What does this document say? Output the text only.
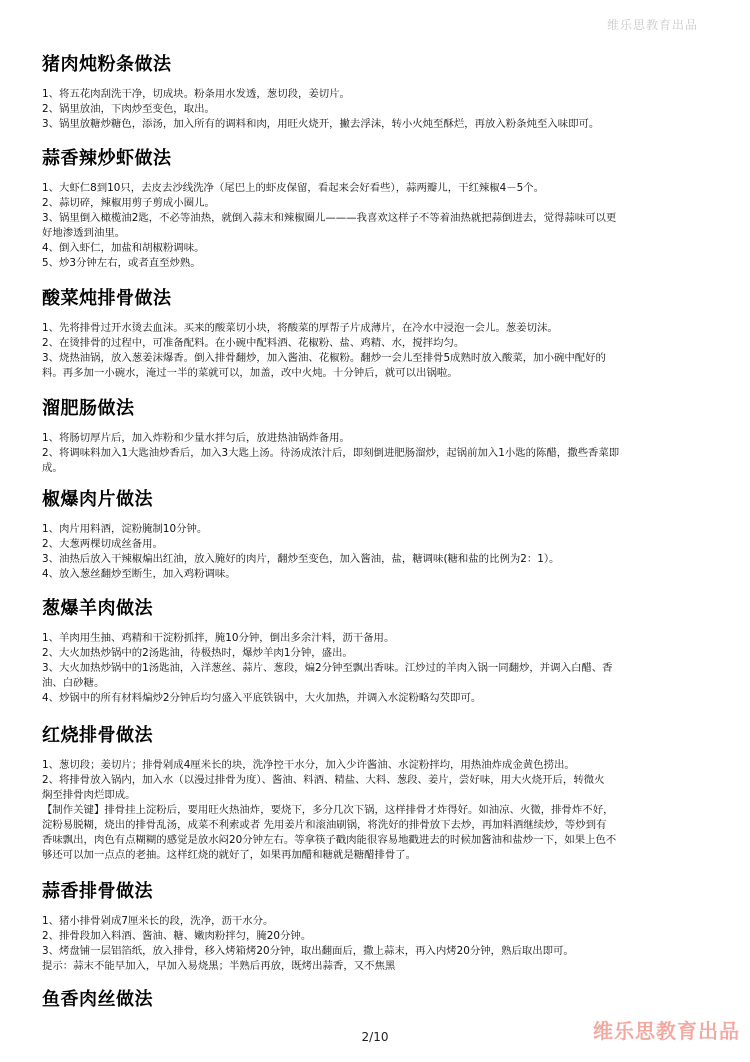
维乐思教育出品
猪肉炖粉条做法
1、将五花肉刮洗干净，切成块。粉条用水发透，葱切段，姜切片。
2、锅里放油，下肉炒至变色，取出。
3、锅里放糖炒糖色，添汤，加入所有的调料和肉，用旺火烧开，撇去浮沫，转小火炖至酥烂，再放入粉条炖至入味即可。
蒜香辣炒虾做法
1、大虾仁8到10只，去皮去沙线洗净（尾巴上的虾皮保留，看起来会好看些），蒜两瓣儿，干红辣椒4－5个。
2、蒜切碎，辣椒用剪子剪成小圈儿。
3、锅里倒入橄榄油2匙，不必等油热，就倒入蒜末和辣椒圈儿———我喜欢这样子不等着油热就把蒜倒进去，觉得蒜味可以更
好地渗透到油里。
4、倒入虾仁，加盐和胡椒粉调味。
5、炒3分钟左右，或者直至炒熟。
酸菜炖排骨做法
1、先将排骨过开水烫去血沫。买来的酸菜切小块，将酸菜的厚帮子片成薄片，在冷水中浸泡一会儿。葱姜切沫。
2、在烫排骨的过程中，可准备配料。在小碗中配料酒、花椒粉、盐、鸡精、水，搅拌均匀。
3、烧热油锅，放入葱姜沫爆香。倒入排骨翻炒，加入酱油、花椒粉。翻炒一会儿至排骨5成熟时放入酸菜，加小碗中配好的
料。再多加一小碗水，淹过一半的菜就可以，加盖，改中火炖。十分钟后，就可以出锅啦。
溜肥肠做法
1、将肠切厚片后，加入炸粉和少量水拌匀后，放进热油锅炸备用。
2、将调味料加入1大匙油炒香后，加入3大匙上汤。待汤成浓汁后，即刻倒进肥肠溜炒，起锅前加入1小匙的陈醋，撒些香菜即
成。
椒爆肉片做法
1、肉片用料酒，淀粉腌制10分钟。
2、大葱两棵切成丝备用。
3、油热后放入干辣椒煸出红油，放入腌好的肉片，翻炒至变色，加入酱油，盐，糖调味(糖和盐的比例为2：1）。
4、放入葱丝翻炒至断生，加入鸡粉调味。
葱爆羊肉做法
1、羊肉用生抽、鸡精和干淀粉抓拌，腌10分钟，倒出多余汁料，沥干备用。
2、大火加热炒锅中的2汤匙油，待极热时，爆炒羊肉1分钟，盛出。
3、大火加热炒锅中的1汤匙油，入洋葱丝、蒜片、葱段，煸2分钟至飘出香味。江炒过的羊肉入锅一同翻炒，并调入白醋、香
油、白砂糖。
4、炒锅中的所有材料煸炒2分钟后均匀盛入平底铁锅中，大火加热，并调入水淀粉略勾芡即可。
红烧排骨做法
1、葱切段；姜切片；排骨剁成4厘米长的块，洗净控干水分，加入少许酱油、水淀粉拌均，用热油炸成金黄色捞出。
2、将排骨放入锅内，加入水（以漫过排骨为度）、酱油、料酒、精盐、大料、葱段、姜片，尝好味，用大火烧开后，转微火
焖至排骨肉烂即成。
【制作关键】排骨挂上淀粉后，要用旺火热油炸，要烧下，多分几次下锅，这样排骨才炸得好。如油凉、火微，排骨炸不好，
淀粉易脱糊，烧出的排骨乱汤，成菜不利索或者 先用姜片和滚油刷锅，将洗好的排骨放下去炒，再加料酒继续炒，等炒到有
香味飘出，肉色有点糊糊的感觉是放水闷20分钟左右。等拿筷子戳肉能很容易地戳进去的时候加酱油和盐炒一下，如果上色不
够还可以加一点点的老抽。这样红烧的就好了，如果再加醋和糖就是糖醋排骨了。
蒜香排骨做法
1、猪小排骨剁成7厘米长的段，洗净，沥干水分。
2、排骨段加入料酒、酱油、糖、嫩肉粉拌匀，腌20分钟。
3、烤盘铺一层铝箔纸，放入排骨，移入烤箱烤20分钟，取出翻面后，撒上蒜末，再入内烤20分钟，熟后取出即可。
提示：蒜末不能早加入，早加入易烧黑；半熟后再放，既烤出蒜香，又不焦黑
鱼香肉丝做法
2/10	维乐思教育出品
